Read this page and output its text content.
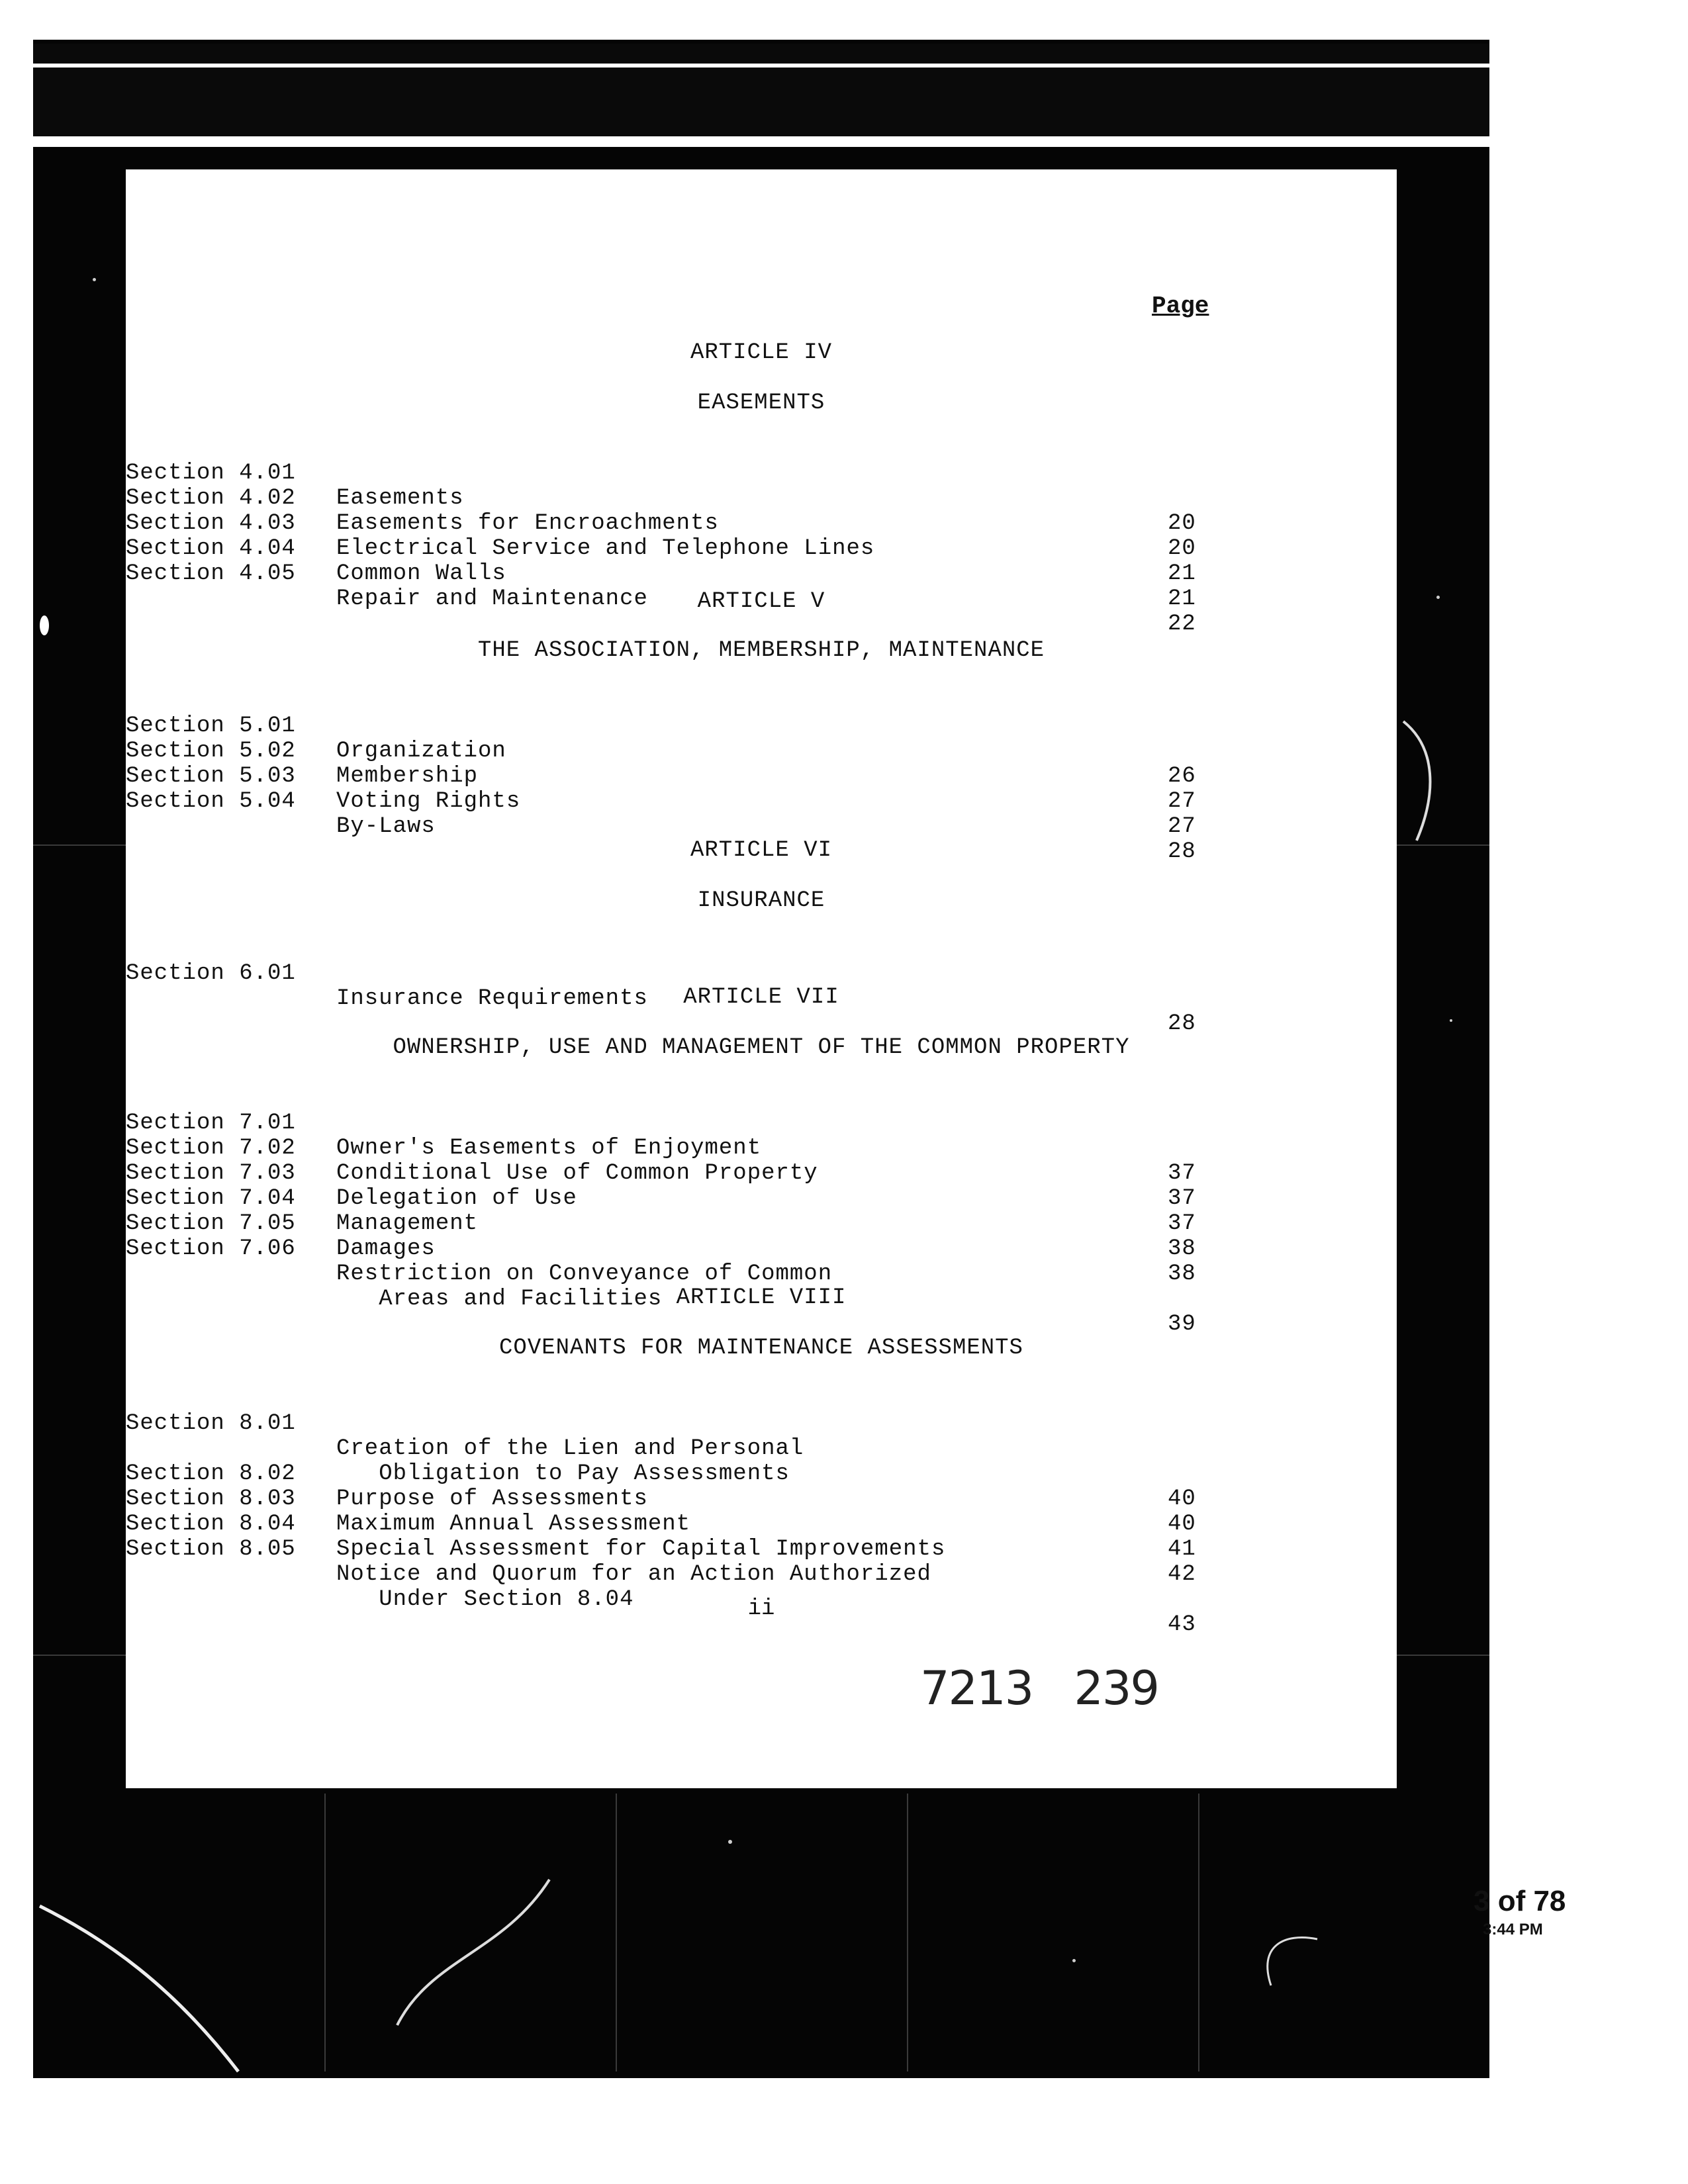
Page
ARTICLE IV
EASEMENTS

Section 4.01

Easements

20

Section 4.02

Easements for Encroachments

20

Section 4.03

Electrical Service and Telephone Lines

21

Section 4.04

Common Walls

21

Section 4.05

Repair and Maintenance

22

ARTICLE V
THE ASSOCIATION, MEMBERSHIP, MAINTENANCE

Section 5.01

Organization

26

Section 5.02

Membership

27

Section 5.03

Voting Rights

27

Section 5.04

By-Laws

28

ARTICLE VI
INSURANCE

Section 6.01

Insurance Requirements

28

ARTICLE VII
OWNERSHIP, USE AND MANAGEMENT OF THE COMMON PROPERTY

Section 7.01

Owner's Easements of Enjoyment

37

Section 7.02

Conditional Use of Common Property

37

Section 7.03

Delegation of Use

37

Section 7.04

Management

38

Section 7.05

Damages

38

Section 7.06

Restriction on Conveyance of Common

Areas and Facilities

39

ARTICLE VIII
COVENANTS FOR MAINTENANCE ASSESSMENTS

Section 8.01

Creation of the Lien and Personal

Obligation to Pay Assessments

40

Section 8.02

Purpose of Assessments

40

Section 8.03

Maximum Annual Assessment

41

Section 8.04

Special Assessment for Capital Improvements

42

Section 8.05

Notice and Quorum for an Action Authorized

Under Section 8.04

43

ii
7213 239
3 of 78
3:44 PM
